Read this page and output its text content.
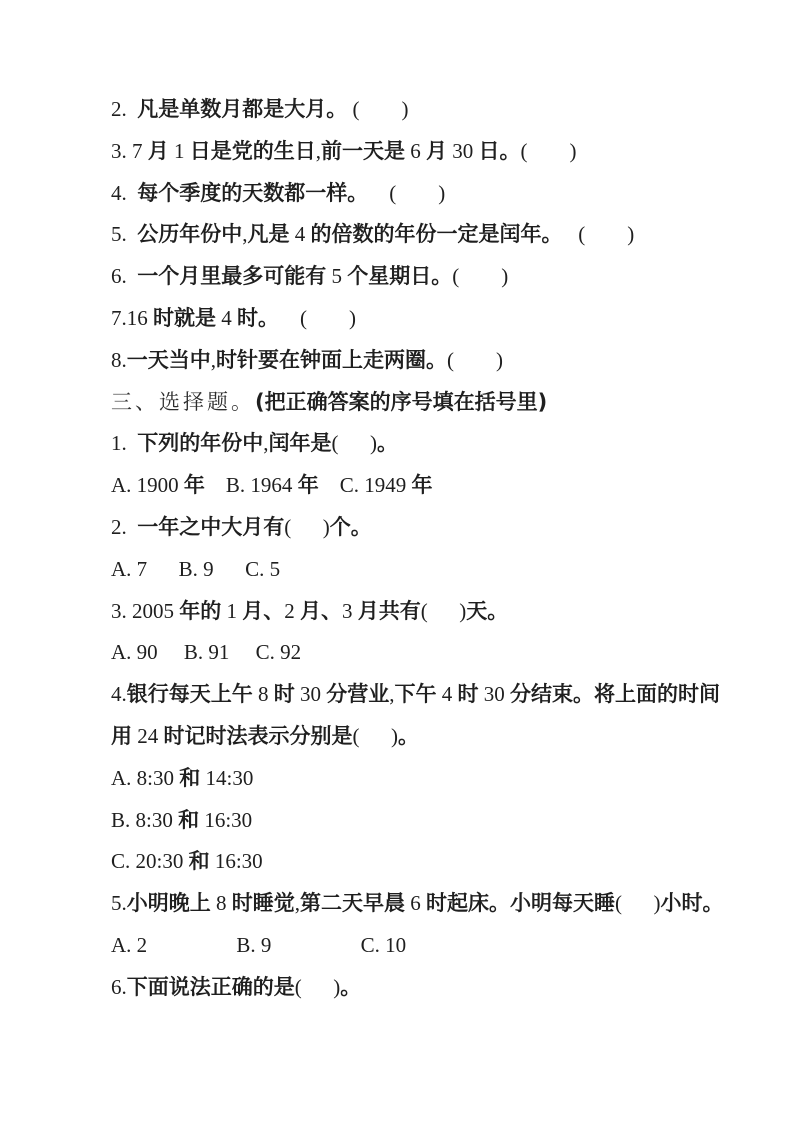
2.  凡是单数月都是大月。 (        )

3. 7 月 1 日是党的生日,前一天是 6 月 30 日。(        )

4.  每个季度的天数都一样。    (        )

5.  公历年份中,凡是 4 的倍数的年份一定是闰年。   (        )

6.  一个月里最多可能有 5 个星期日。(        )

7.16 时就是 4 时。    (        )

8.一天当中,时针要在钟面上走两圈。(        )

三、选择题。(把正确答案的序号填在括号里)

1.  下列的年份中,闰年是(      )。

A. 1900 年    B. 1964 年    C. 1949 年

2.  一年之中大月有(      )个。

A. 7      B. 9      C. 5

3. 2005 年的 1 月、2 月、3 月共有(      )天。

A. 90     B. 91     C. 92

4.银行每天上午 8 时 30 分营业,下午 4 时 30 分结束。将上面的时间

用 24 时记时法表示分别是(      )。

A. 8:30 和 14:30

B. 8:30 和 16:30

C. 20:30 和 16:30

5.小明晚上 8 时睡觉,第二天早晨 6 时起床。小明每天睡(      )小时。

A. 2                 B. 9                 C. 10

6.下面说法正确的是(      )。
